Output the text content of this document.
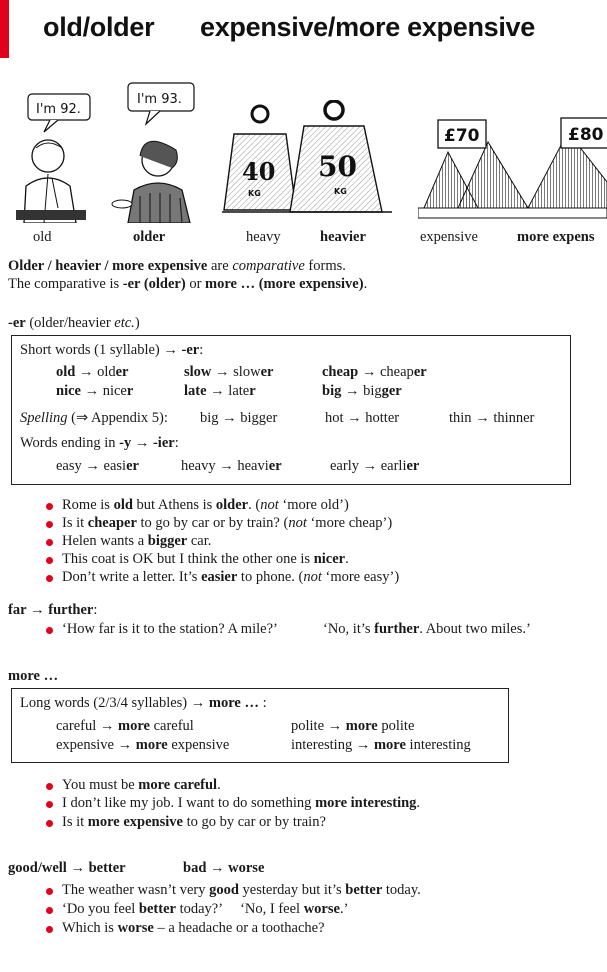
old/older expensive/more expensive
I'm 92.
I'm 93.
40
KG
50
KG
£70	£80
old	older	heavy	heavier	expensive	more expens
Older / heavier / more expensive are comparative forms.
The comparative is -er (older) or more … (more expensive).
-er (older/heavier etc.)
Short words (1 syllable) → -er:
old → older	slow → slower	cheap → cheaper
nice → nicer	late → later	big → bigger
Spelling (⇒ Appendix 5): big → bigger	hot → hotter	thin → thinner
Words ending in -y → -ier:
easy → easier	heavy → heavier	early → earlier
Rome is old but Athens is older. (not ‘more old’)
Is it cheaper to go by car or by train? (not ‘more cheap’)
Helen wants a bigger car.
This coat is OK but I think the other one is nicer.
Don’t write a letter. It’s easier to phone. (not ‘more easy’)
far → further:
‘How far is it to the station? A mile?’	‘No, it’s further. About two miles.’
more …
Long words (2/3/4 syllables) → more … :
careful → more careful	polite → more polite
expensive → more expensive	interesting → more interesting
You must be more careful.
I don’t like my job. I want to do something more interesting.
Is it more expensive to go by car or by train?
good/well → better	bad → worse
The weather wasn’t very good yesterday but it’s better today.
‘Do you feel better today?’     ‘No, I feel worse.’
Which is worse – a headache or a toothache?
